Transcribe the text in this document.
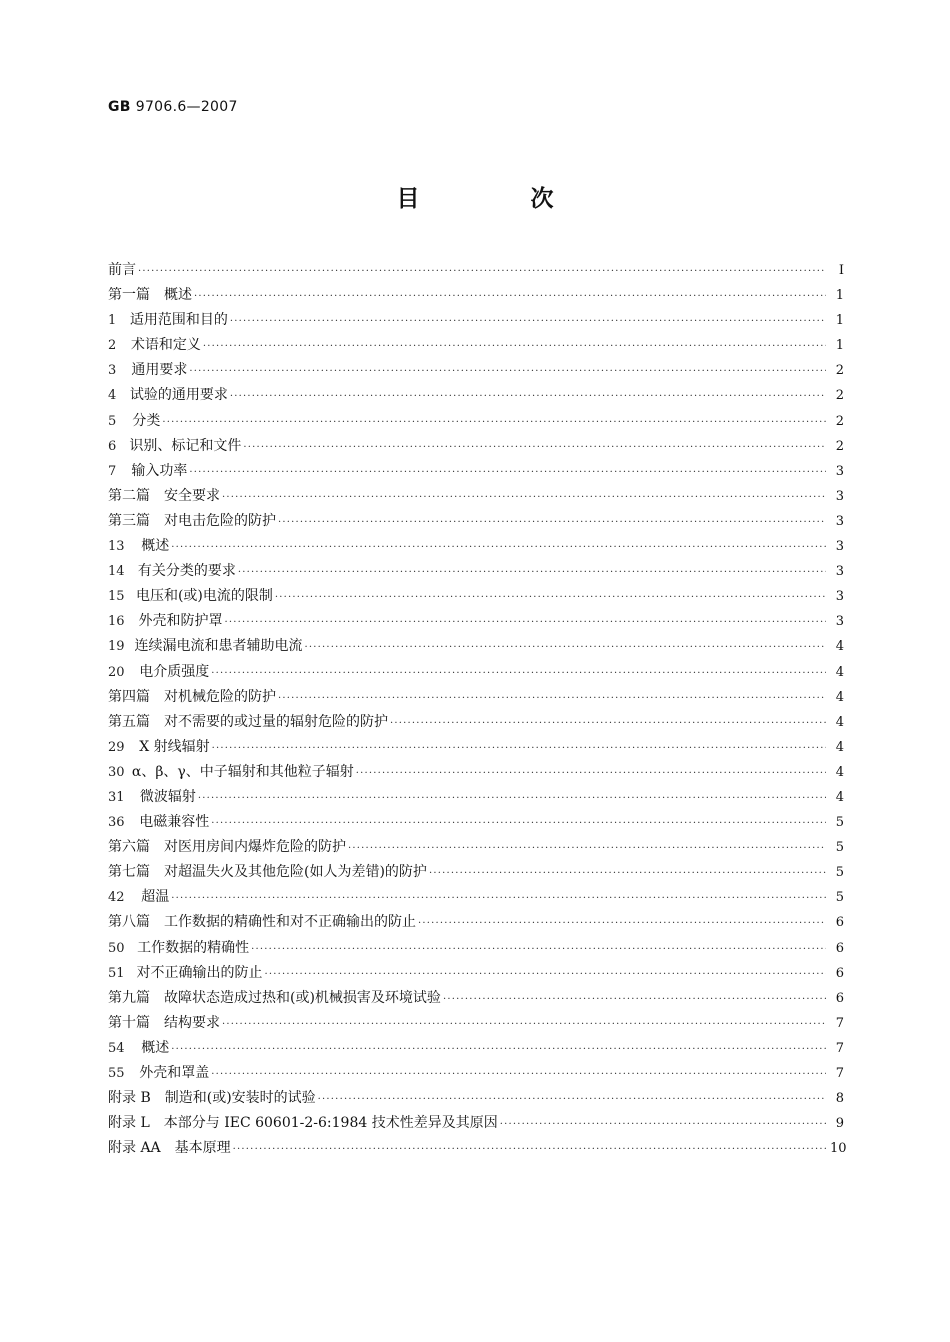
GB 9706.6—2007
目　次
前言 ·····	Ⅰ
第一篇　概述 ·····	1
1 适用范围和目的 ·····	1
2	术语和定义 ·····	1
3	通用要求 ·····	2
4 试验的通用要求 ·····	2
5	分类 ·····	2
6 识别、标记和文件 ·····	2
7	输入功率 ·····	3
第二篇　安全要求 ·····	3
第三篇　对电击危险的防护 ·····	3
13	概述 ·····	3
14 有关分类的要求 ·····	3
15 电压和(或)电流的限制 ·····	3
16 外壳和防护罩 ·····	3
19 连续漏电流和患者辅助电流 ·····	4
20	电介质强度 ·····	4
第四篇　对机械危险的防护 ·····	4
第五篇　对不需要的或过量的辐射危险的防护 ·····	4
29	X 射线辐射 ·····	4
30 α、β、γ、中子辐射和其他粒子辐射 ·····	4
31	微波辐射 ·····	4
36	电磁兼容性 ·····	5
第六篇　对医用房间内爆炸危险的防护 ·····	5
第七篇　对超温失火及其他危险(如人为差错)的防护 ·····	5
42	超温 ·····	5
第八篇　工作数据的精确性和对不正确输出的防止 ·····	6
50 工作数据的精确性 ·····	6
51 对不正确输出的防止 ·····	6
第九篇　故障状态造成过热和(或)机械损害及环境试验 ·····	6
第十篇　结构要求 ·····	7
54	概述 ·····	7
55	外壳和罩盖 ·····	7
附录 B　制造和(或)安装时的试验 ·····	8
附录 L　本部分与 IEC 60601-2-6:1984 技术性差异及其原因 ·····	9
附录 AA　基本原理 ·····	10
